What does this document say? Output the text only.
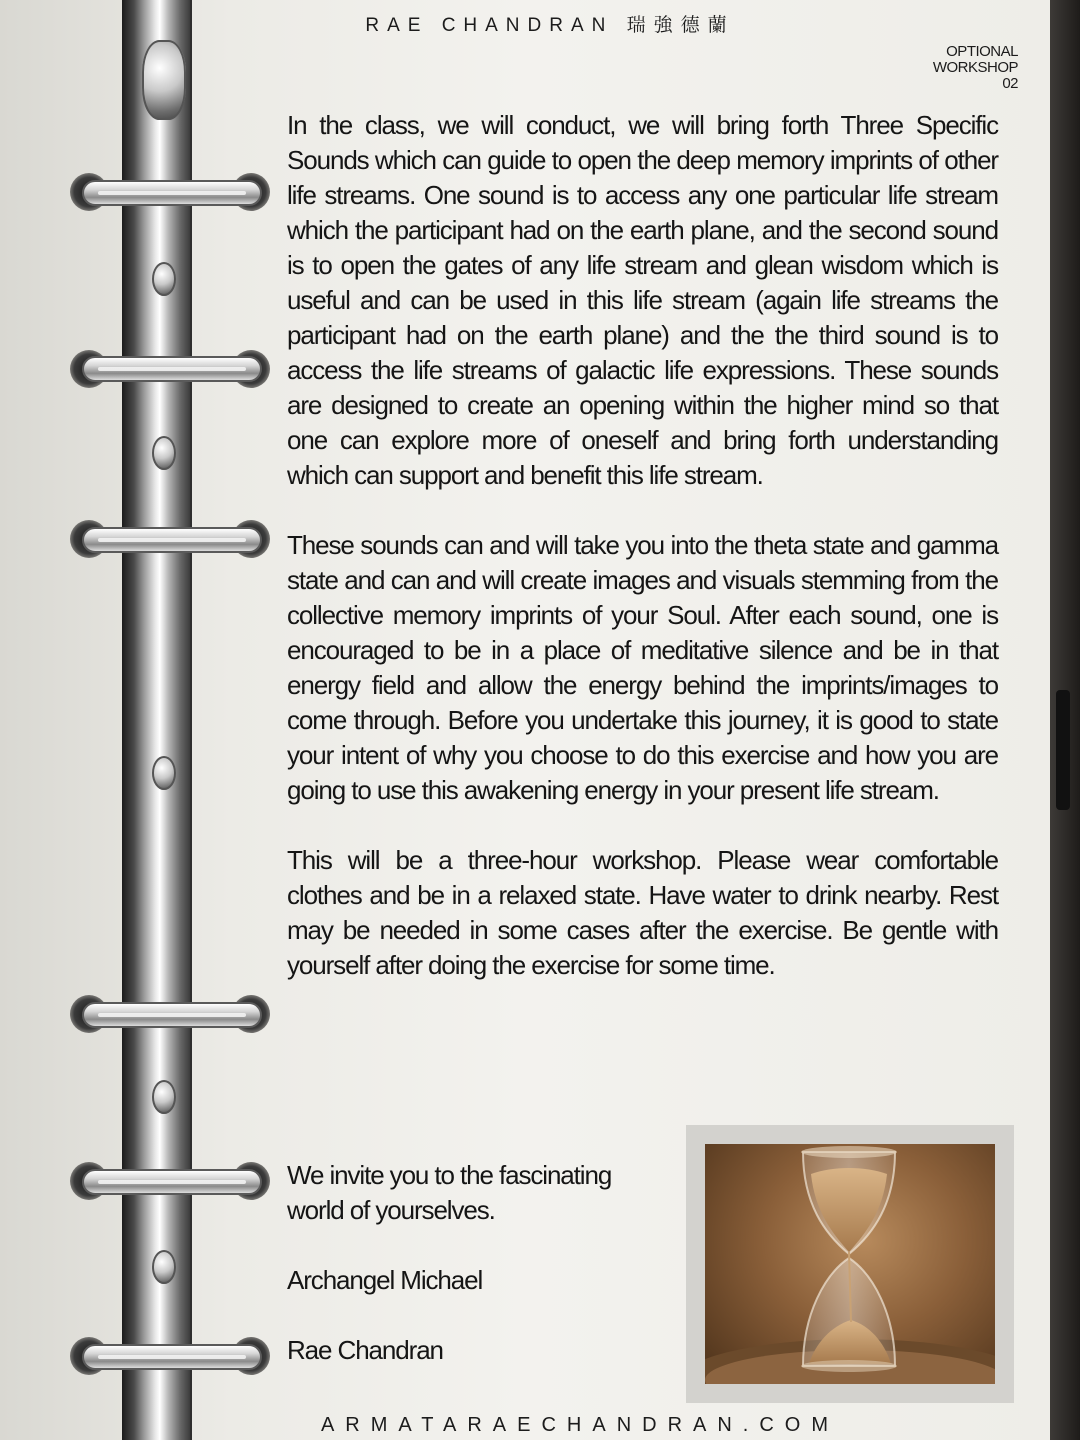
RAE CHANDRAN 瑞強德蘭
OPTIONAL
WORKSHOP
02

In the class, we will conduct, we will bring forth Three Specific Sounds which can guide to open the deep memory imprints of other life streams. One sound is to access any one particular life stream which the participant had on the earth plane, and the second sound is to open the gates of any life stream and glean wisdom which is useful and can be used in this life stream (again life streams the participant had on the earth plane) and the the third sound is to access the life streams of galactic life expressions. These sounds are designed to create an opening within the higher mind so that one can explore more of oneself and bring forth understanding which can support and benefit this life stream.

These sounds can and will take you into the theta state and gamma state and can and will create images and visuals stemming from the collective memory imprints of your Soul. After each sound, one is encouraged to be in a place of meditative silence and be in that energy field and allow the energy behind the imprints/images to come through. Before you undertake this journey, it is good to state your intent of why you choose to do this exercise and how you are going to use this awakening energy in your present life stream.

This will be a three-hour workshop. Please wear comfortable clothes and be in a relaxed state. Have water to drink nearby. Rest may be needed in some cases after the exercise. Be gentle with yourself after doing the exercise for some time.

We invite you to the fascinating world of yourselves.

Archangel Michael

Rae Chandran

ARMATARAECHANDRAN.COM
